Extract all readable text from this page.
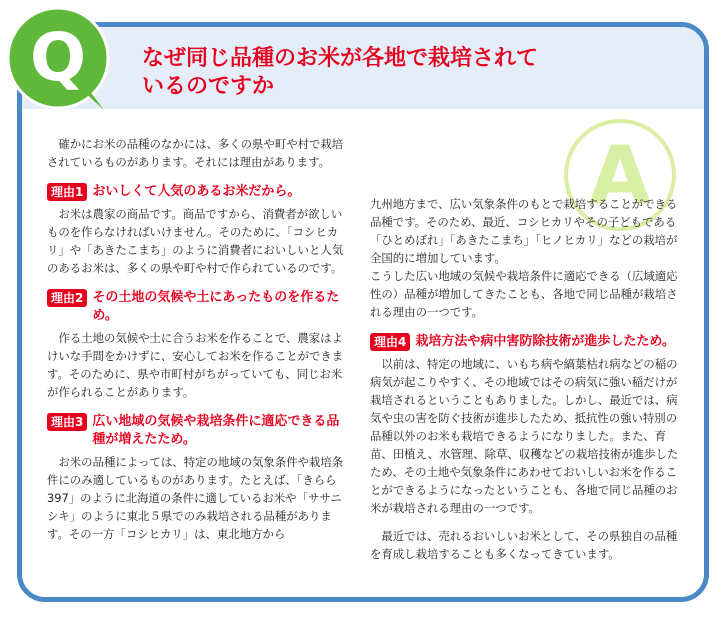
なぜ同じ品種のお米が各地で栽培されて
いるのですか
Q
A

確かにお米の品種のなかには、多くの県や町や村で栽培されているものがあります。それには理由があります。

理由1 おいしくて人気のあるお米だから。

お米は農家の商品です。商品ですから、消費者が欲しいものを作らなければいけません。そのために、「コシヒカリ」や「あきたこまち」のように消費者においしいと人気のあるお米は、多くの県や町や村で作られているのです。

理由2 その土地の気候や土にあったものを作るため。

作る土地の気候や土に合うお米を作ることで、農家はよけいな手間をかけずに、安心してお米を作ることができます。そのために、県や市町村がちがっていても、同じお米が作られることがあります。

理由3 広い地域の気候や栽培条件に適応できる品種が増えたため。

お米の品種によっては、特定の地域の気象条件や栽培条件にのみ適しているものがあります。たとえば、「きらら397」のように北海道の条件に適しているお米や「ササニシキ」のように東北５県でのみ栽培される品種があります。その一方「コシヒカリ」は、東北地方から

九州地方まで、広い気象条件のもとで栽培することができる品種です。そのため、最近、コシヒカリやその子どもである「ひとめぼれ」「あきたこまち」「ヒノヒカリ」などの栽培が全国的に増加しています。

こうした広い地域の気候や栽培条件に適応できる（広域適応性の）品種が増加してきたことも、各地で同じ品種が栽培される理由の一つです。

理由4 栽培方法や病中害防除技術が進歩したため。

以前は、特定の地域に、いもち病や縞葉枯れ病などの稲の病気が起こりやすく、その地域ではその病気に強い稲だけが栽培されるということもありました。しかし、最近では、病気や虫の害を防ぐ技術が進歩したため、抵抗性の強い特別の品種以外のお米も栽培できるようになりました。また、育苗、田植え、水管理、除草、収穫などの栽培技術が進歩したため、その土地や気象条件にあわせておいしいお米を作ることができるようになったということも、各地で同じ品種のお米が栽培される理由の一つです。

最近では、売れるおいしいお米として、その県独自の品種を育成し栽培することも多くなってきています。
